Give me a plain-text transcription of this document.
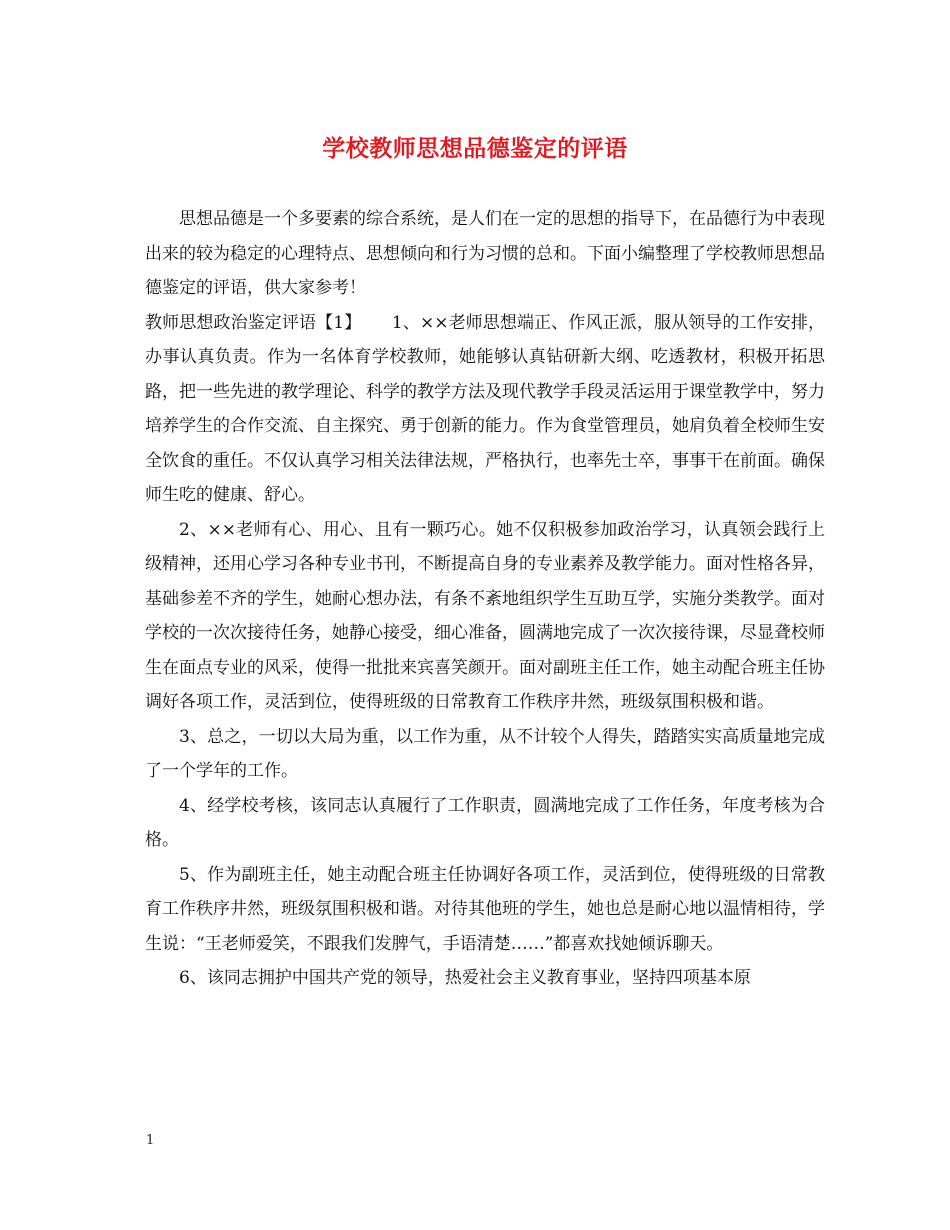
学校教师思想品德鉴定的评语

思想品德是一个多要素的综合系统，是人们在一定的思想的指导下，在品德行为中表现出来的较为稳定的心理特点、思想倾向和行为习惯的总和。下面小编整理了学校教师思想品德鉴定的评语，供大家参考！

教师思想政治鉴定评语【1】 1、××老师思想端正、作风正派，服从领导的工作安排，办事认真负责。作为一名体育学校教师，她能够认真钻研新大纲、吃透教材，积极开拓思路，把一些先进的教学理论、科学的教学方法及现代教学手段灵活运用于课堂教学中，努力培养学生的合作交流、自主探究、勇于创新的能力。作为食堂管理员，她肩负着全校师生安全饮食的重任。不仅认真学习相关法律法规，严格执行，也率先士卒，事事干在前面。确保师生吃的健康、舒心。

2、××老师有心、用心、且有一颗巧心。她不仅积极参加政治学习，认真领会践行上级精神，还用心学习各种专业书刊，不断提高自身的专业素养及教学能力。面对性格各异，基础参差不齐的学生，她耐心想办法，有条不紊地组织学生互助互学，实施分类教学。面对学校的一次次接待任务，她静心接受，细心准备，圆满地完成了一次次接待课，尽显聋校师生在面点专业的风采，使得一批批来宾喜笑颜开。面对副班主任工作，她主动配合班主任协调好各项工作，灵活到位，使得班级的日常教育工作秩序井然，班级氛围积极和谐。

3、总之，一切以大局为重，以工作为重，从不计较个人得失，踏踏实实高质量地完成了一个学年的工作。

4、经学校考核，该同志认真履行了工作职责，圆满地完成了工作任务，年度考核为合格。

5、作为副班主任，她主动配合班主任协调好各项工作，灵活到位，使得班级的日常教育工作秩序井然，班级氛围积极和谐。对待其他班的学生，她也总是耐心地以温情相待，学生说：“王老师爱笑，不跟我们发脾气，手语清楚……”都喜欢找她倾诉聊天。

6、该同志拥护中国共产党的领导，热爱社会主义教育事业，坚持四项基本原

1
